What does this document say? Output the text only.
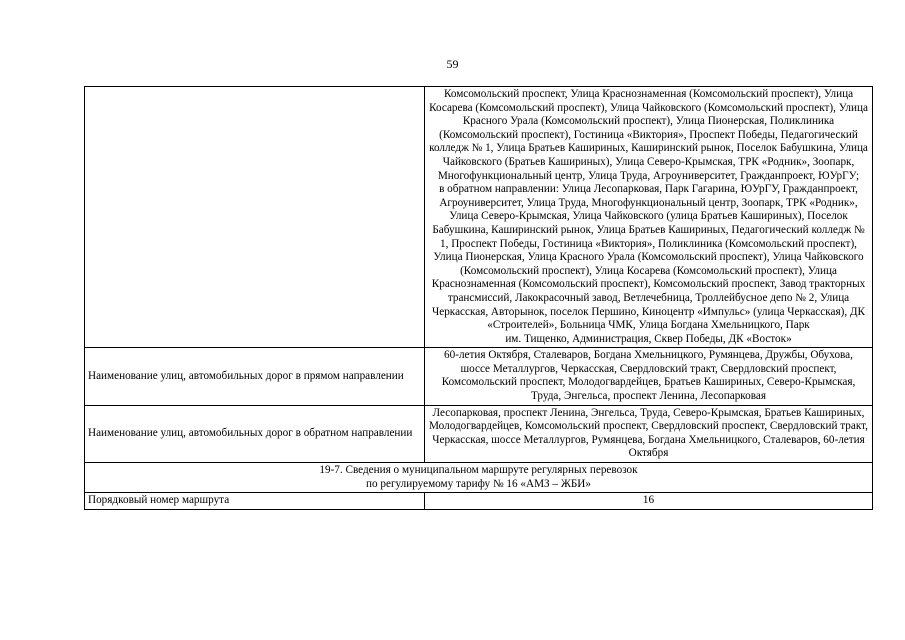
59

	Комсомольский проспект, Улица Краснознаменная (Комсомольский проспект), Улица Косарева (Комсомольский проспект), Улица Чайковского (Комсомольский проспект), Улица Красного Урала (Комсомольский проспект), Улица Пионерская, Поликлиника (Комсомольский проспект), Гостиница «Виктория», Проспект Победы, Педагогический колледж № 1, Улица Братьев Кашириных, Каширинский рынок, Поселок Бабушкина, Улица Чайковского (Братьев Кашириных), Улица Северо-Крымская, ТРК «Родник», Зоопарк, Многофункциональный центр, Улица Труда, Агроуниверситет, Гражданпроект, ЮУрГУ;
в обратном направлении: Улица Лесопарковая, Парк Гагарина, ЮУрГУ, Гражданпроект, Агроуниверситет, Улица Труда, Многофункциональный центр, Зоопарк, ТРК «Родник», Улица Северо-Крымская, Улица Чайковского (улица Братьев Кашириных), Поселок Бабушкина, Каширинский рынок, Улица Братьев Кашириных, Педагогический колледж № 1, Проспект Победы, Гостиница «Виктория», Поликлиника (Комсомольский проспект), Улица Пионерская, Улица Красного Урала (Комсомольский проспект), Улица Чайковского (Комсомольский проспект), Улица Косарева (Комсомольский проспект), Улица Краснознаменная (Комсомольский проспект), Комсомольский проспект, Завод тракторных трансмиссий, Лакокрасочный завод, Ветлечебница, Троллейбусное депо № 2, Улица Черкасская, Авторынок, поселок Першино, Киноцентр «Импульс» (улица Черкасская), ДК «Строителей», Больница ЧМК, Улица Богдана Хмельницкого, Парк
им. Тищенко, Администрация, Сквер Победы, ДК «Восток»

Наименование улиц, автомобильных дорог в прямом направлении	60-летия Октября, Сталеваров, Богдана Хмельницкого, Румянцева, Дружбы, Обухова, шоссе Металлургов, Черкасская, Свердловский тракт, Свердловский проспект, Комсомольский проспект, Молодогвардейцев, Братьев Кашириных, Северо-Крымская, Труда, Энгельса, проспект Ленина, Лесопарковая
Наименование улиц, автомобильных дорог в обратном направлении	Лесопарковая, проспект Ленина, Энгельса, Труда, Северо-Крымская, Братьев Кашириных, Молодогвардейцев, Комсомольский проспект, Свердловский проспект, Свердловский тракт, Черкасская, шоссе Металлургов, Румянцева, Богдана Хмельницкого, Сталеваров, 60-летия Октября

19-7. Сведения о муниципальном маршруте регулярных перевозок
по регулируемому тарифу № 16 «АМЗ – ЖБИ»	

Порядковый номер маршрута	16
